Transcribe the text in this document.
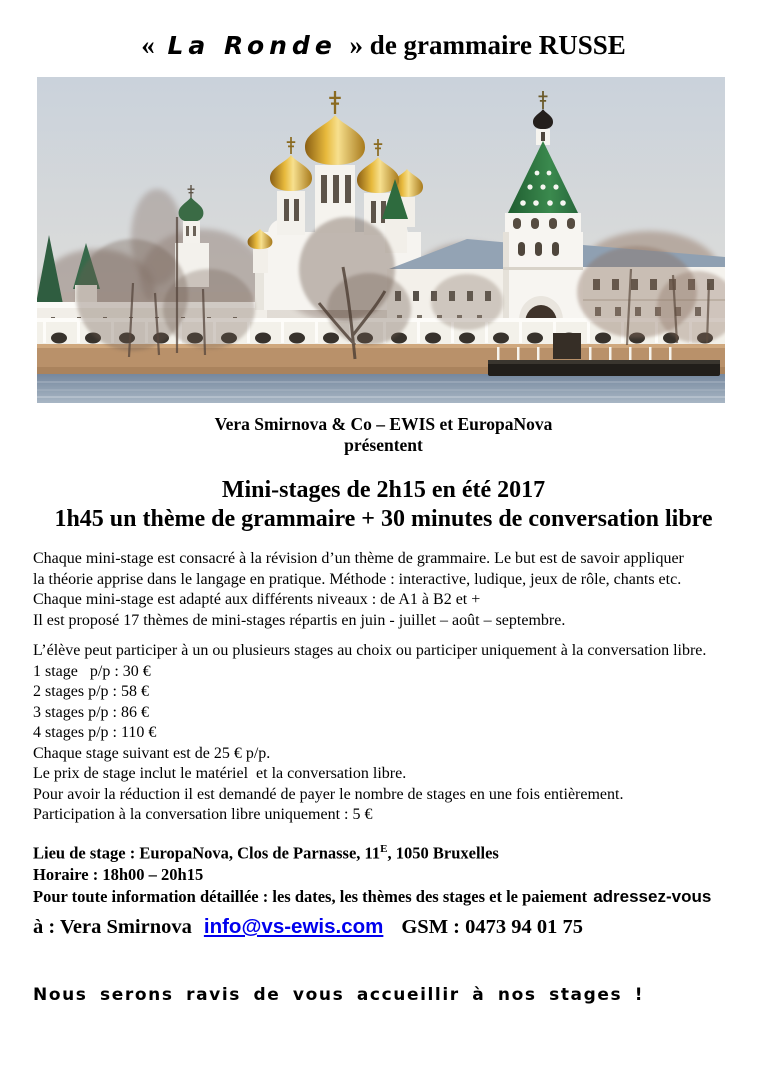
« La Ronde » de grammaire RUSSE
Vera Smirnova & Co – EWIS et EuropaNova
présentent
Mini-stages de 2h15 en été 2017
1h45 un thème de grammaire + 30 minutes de conversation libre
Chaque mini-stage est consacré à la révision d’un thème de grammaire. Le but est de savoir appliquer
la théorie apprise dans le langage en pratique. Méthode : interactive, ludique, jeux de rôle, chants etc.
Chaque mini-stage est adapté aux différents niveaux : de A1 à B2 et +
Il est proposé 17 thèmes de mini-stages répartis en juin - juillet – août – septembre.
L’élève peut participer à un ou plusieurs stages au choix ou participer uniquement à la conversation libre.
1 stage   p/p : 30 €
2 stages p/p : 58 €
3 stages p/p : 86 €
4 stages p/p : 110 €
Chaque stage suivant est de 25 € p/p.
Le prix de stage inclut le matériel  et la conversation libre.
Pour avoir la réduction il est demandé de payer le nombre de stages en une fois entièrement.
Participation à la conversation libre uniquement : 5 €
Lieu de stage : EuropaNova, Clos de Parnasse, $11^E$, 1050 Bruxelles
Horaire : 18h00 – 20h15
Pour toute information détaillée : les dates, les thèmes des stages et le paiement adressez-vous
à : Vera Smirnova info@vs-ewis.com GSM : 0473 94 01 75
Nous serons ravis de vous accueillir à nos stages !
